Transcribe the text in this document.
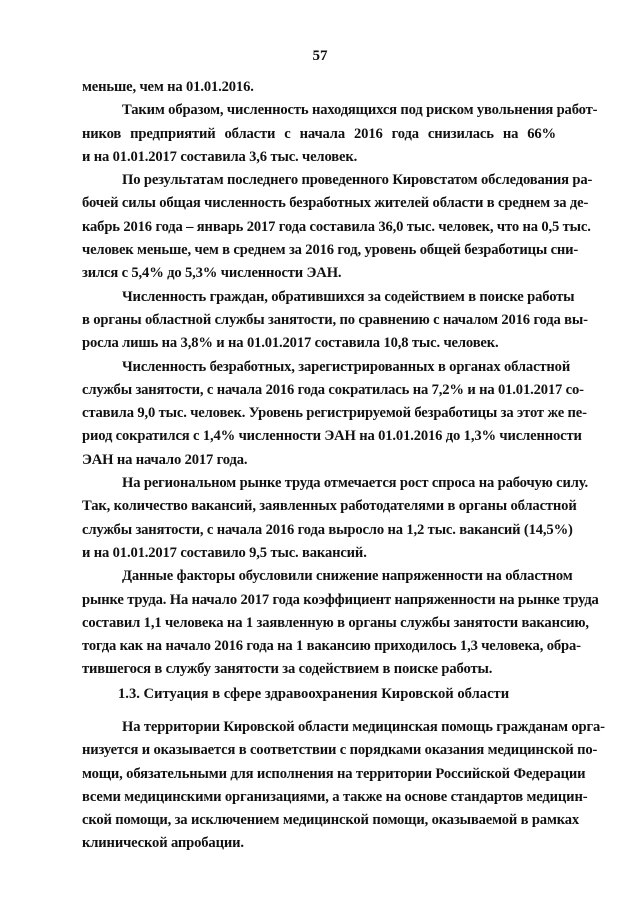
57
меньше, чем на 01.01.2016.
Таким образом, численность находящихся под риском увольнения работ-
ников предприятий области с начала 2016 года снизилась на 66%
и на 01.01.2017 составила 3,6 тыс. человек.
По результатам последнего проведенного Кировстатом обследования ра-
бочей силы общая численность безработных жителей области в среднем за де-
кабрь 2016 года – январь 2017 года составила 36,0 тыс. человек, что на 0,5 тыс.
человек меньше, чем в среднем за 2016 год, уровень общей безработицы сни-
зился с 5,4% до 5,3% численности ЭАН.
Численность граждан, обратившихся за содействием в поиске работы
в органы областной службы занятости, по сравнению с началом 2016 года вы-
росла лишь на 3,8% и на 01.01.2017 составила 10,8 тыс. человек.
Численность безработных, зарегистрированных в органах областной
службы занятости, с начала 2016 года сократилась на 7,2% и на 01.01.2017 со-
ставила 9,0 тыс. человек. Уровень регистрируемой безработицы за этот же пе-
риод сократился с 1,4% численности ЭАН на 01.01.2016 до 1,3% численности
ЭАН на начало 2017 года.
На региональном рынке труда отмечается рост спроса на рабочую силу.
Так, количество вакансий, заявленных работодателями в органы областной
службы занятости, с начала 2016 года выросло на 1,2 тыс. вакансий (14,5%)
и на 01.01.2017 составило 9,5 тыс. вакансий.
Данные факторы обусловили снижение напряженности на областном
рынке труда. На начало 2017 года коэффициент напряженности на рынке труда
составил 1,1 человека на 1 заявленную в органы службы занятости вакансию,
тогда как на начало 2016 года на 1 вакансию приходилось 1,3 человека, обра-
тившегося в службу занятости за содействием в поиске работы.
1.3. Ситуация в сфере здравоохранения Кировской области
На территории Кировской области медицинская помощь гражданам орга-
низуется и оказывается в соответствии с порядками оказания медицинской по-
мощи, обязательными для исполнения на территории Российской Федерации
всеми медицинскими организациями, а также на основе стандартов медицин-
ской помощи, за исключением медицинской помощи, оказываемой в рамках
клинической апробации.
